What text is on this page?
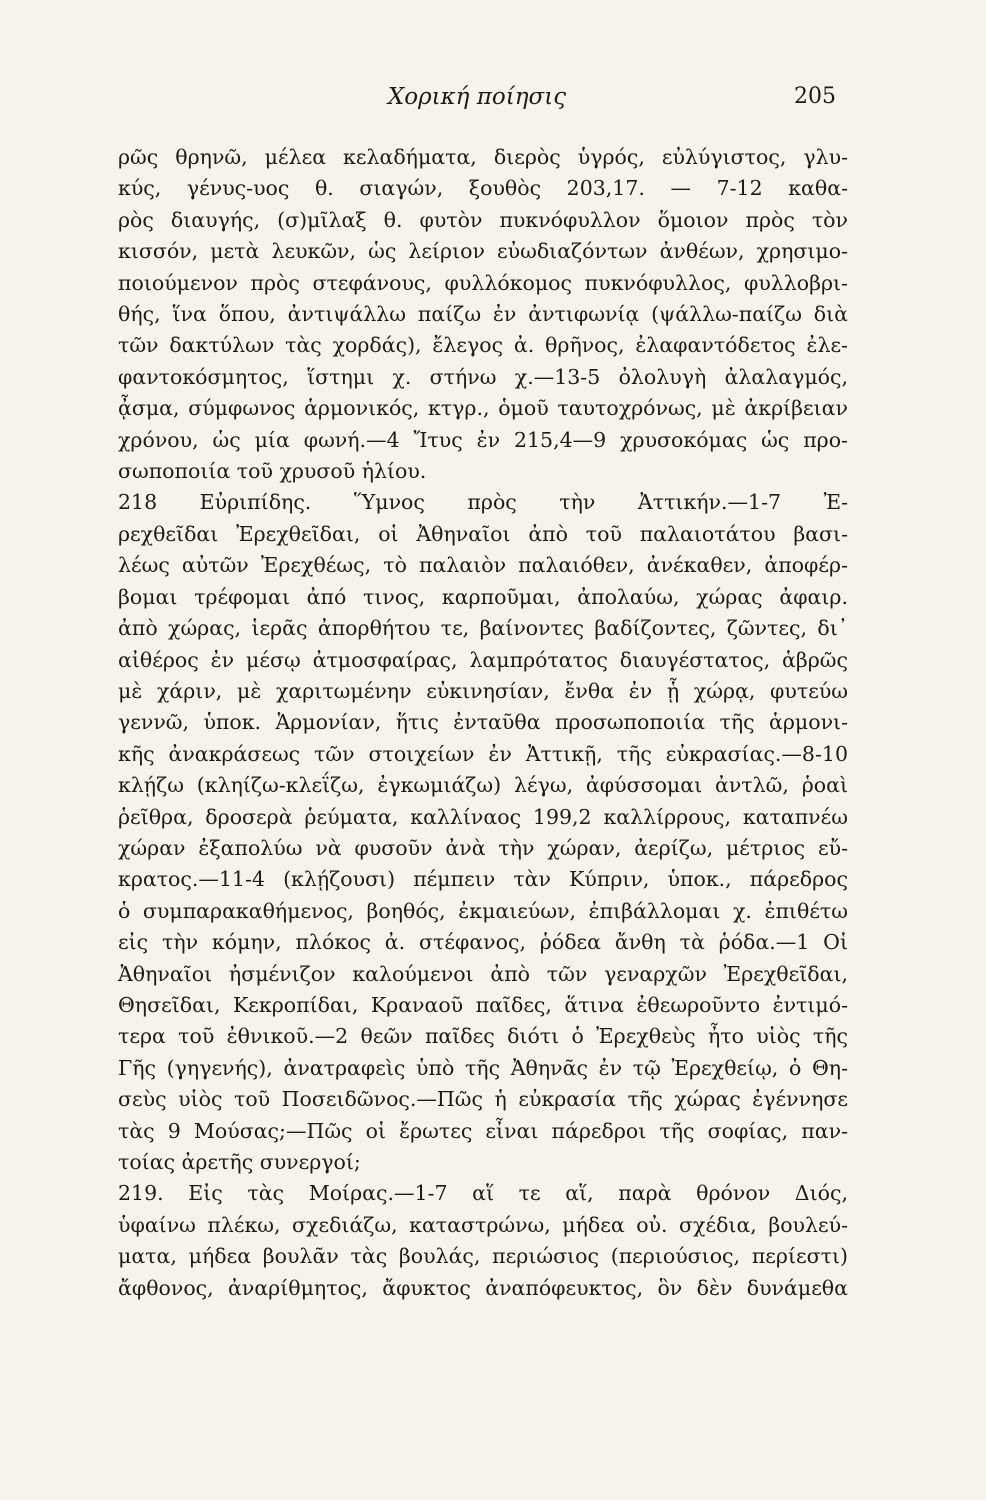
Χορική ποίησις	205

ρῶς θρηνῶ, μέλεα κελαδήματα, διερὸς ὑγρός, εὐλύγιστος, γλυ-
κύς, γένυς-υος θ. σιαγών, ξουθὸς 203,17. — 7-12 καθα-
ρὸς διαυγής, (σ)μῖλαξ θ. φυτὸν πυκνόφυλλον ὅμοιον πρὸς τὸν
κισσόν, μετὰ λευκῶν, ὡς λείριον εὐωδιαζόντων ἀνθέων, χρησιμο-
ποιούμενον πρὸς στεφάνους, φυλλόκομος πυκνόφυλλος, φυλλοβρι-
θής, ἵνα ὅπου, ἀντιψάλλω παίζω ἐν ἀντιφωνίᾳ (ψάλλω-παίζω διὰ
τῶν δακτύλων τὰς χορδάς), ἔλεγος ἀ. θρῆνος, ἐλαφαντόδετος ἐλε-
φαντοκόσμητος, ἵστημι χ. στήνω χ.—13-5 ὀλολυγὴ ἀλαλαγμός,
ᾆσμα, σύμφωνος ἁρμονικός, κτγρ., ὁμοῦ ταυτοχρόνως, μὲ ἀκρίβειαν
χρόνου, ὡς μία φωνή.—4 Ἴτυς ἐν 215,4—9 χρυσοκόμας ὡς προ-
σωποποιία τοῦ χρυσοῦ ἡλίου.

218 Εὐριπίδης. Ὕμνος πρὸς τὴν Ἀττικήν.—1-7 Ἐ-
ρεχθεῖδαι Ἐρεχθεῖδαι, οἱ Ἀθηναῖοι ἀπὸ τοῦ παλαιοτάτου βασι-
λέως αὐτῶν Ἐρεχθέως, τὸ παλαιὸν παλαιόθεν, ἀνέκαθεν, ἀποφέρ-
βομαι τρέφομαι ἀπό τινος, καρποῦμαι, ἀπολαύω, χώρας ἀφαιρ.
ἀπὸ χώρας, ἱερᾶς ἀπορθήτου τε, βαίνοντες βαδίζοντες, ζῶντες, δι᾽
αἰθέρος ἐν μέσῳ ἀτμοσφαίρας, λαμπρότατος διαυγέστατος, ἁβρῶς
μὲ χάριν, μὲ χαριτωμένην εὐκινησίαν, ἔνθα ἐν ᾗ χώρᾳ, φυτεύω
γεννῶ, ὑποκ. Ἁρμονίαν, ἥτις ἐνταῦθα προσωποποιία τῆς ἁρμονι-
κῆς ἀνακράσεως τῶν στοιχείων ἐν Ἀττικῇ, τῆς εὐκρασίας.—8-10
κλῄζω (κληίζω-κλεΐζω, ἐγκωμιάζω) λέγω, ἀφύσσομαι ἀντλῶ, ῥοαὶ
ῥεῖθρα, δροσερὰ ῥεύματα, καλλίναος 199,2 καλλίρρους, καταπνέω
χώραν ἐξαπολύω νὰ φυσοῦν ἀνὰ τὴν χώραν, ἀερίζω, μέτριος εὔ-
κρατος.—11-4 (κλῄζουσι) πέμπειν τὰν Κύπριν, ὑποκ., πάρεδρος
ὁ συμπαρακαθήμενος, βοηθός, ἐκμαιεύων, ἐπιβάλλομαι χ. ἐπιθέτω
εἰς τὴν κόμην, πλόκος ἀ. στέφανος, ῥόδεα ἄνθη τὰ ῥόδα.—1 Οἱ
Ἀθηναῖοι ἠσμένιζον καλούμενοι ἀπὸ τῶν γεναρχῶν Ἐρεχθεῖδαι,
Θησεῖδαι, Κεκροπίδαι, Κραναοῦ παῖδες, ἅτινα ἐθεωροῦντο ἐντιμό-
τερα τοῦ ἐθνικοῦ.—2 θεῶν παῖδες διότι ὁ Ἐρεχθεὺς ἦτο υἱὸς τῆς
Γῆς (γηγενής), ἀνατραφεὶς ὑπὸ τῆς Ἀθηνᾶς ἐν τῷ Ἐρεχθείῳ, ὁ Θη-
σεὺς υἱὸς τοῦ Ποσειδῶνος.—Πῶς ἡ εὐκρασία τῆς χώρας ἐγέννησε
τὰς 9 Μούσας;—Πῶς οἱ ἔρωτες εἶναι πάρεδροι τῆς σοφίας, παν-
τοίας ἀρετῆς συνεργοί;

219. Εἰς τὰς Μοίρας.—1-7 αἵ τε αἵ, παρὰ θρόνον Διός,
ὑφαίνω πλέκω, σχεδιάζω, καταστρώνω, μήδεα οὐ. σχέδια, βουλεύ-
ματα, μήδεα βουλᾶν τὰς βουλάς, περιώσιος (περιούσιος, περίεστι)
ἄφθονος, ἀναρίθμητος, ἄφυκτος ἀναπόφευκτος, ὃν δὲν δυνάμεθα
